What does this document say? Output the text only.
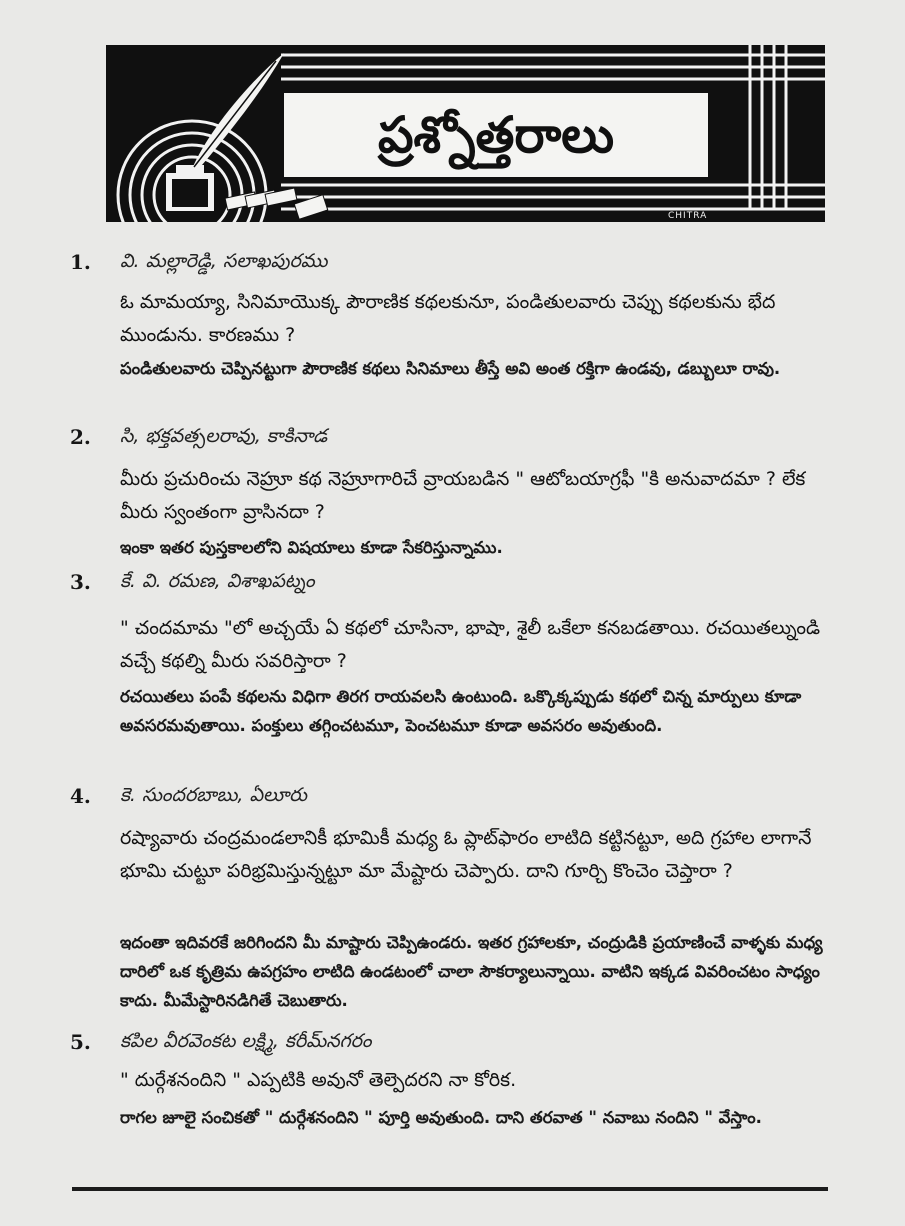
ప్రశ్నోత్తరాలు
CHITRA
1. వి. మల్లారెడ్డి, సలాఖపురము
ఓ మామయ్యా, సినిమాయొక్క పౌరాణిక కథలకునూ, పండితులవారు చెప్పు కథలకును భేద ముండును. కారణము ?
పండితులవారు చెప్పినట్టుగా పౌరాణిక కథలు సినిమాలు తీస్తే అవి అంత రక్తిగా ఉండవు, డబ్బులూ రావు.
2. సి, భక్తవత్సలరావు, కాకినాడ
మీరు ప్రచురించు నెహ్రూ కథ నెహ్రూగారిచే వ్రాయబడిన " ఆటోబయాగ్రఫీ "కి అనువాదమా ? లేక మీరు స్వంతంగా వ్రాసినదా ?
ఇంకా ఇతర పుస్తకాలలోని విషయాలు కూడా సేకరిస్తున్నాము.
3. కే. వి. రమణ, విశాఖపట్నం
" చందమామ "లో అచ్చయే ఏ కథలో చూసినా, భాషా, శైలీ ఒకేలా కనబడతాయి. రచయితల్నుండి వచ్చే కథల్ని మీరు సవరిస్తారా ?
రచయితలు పంపే కథలను విధిగా తిరగ రాయవలసి ఉంటుంది. ఒక్కొక్కప్పుడు కథలో చిన్న మార్పులు కూడా అవసరమవుతాయి. పంక్తులు తగ్గించటమూ, పెంచటమూ కూడా అవసరం అవుతుంది.
4. కె. సుందరబాబు, ఏలూరు
రష్యావారు చంద్రమండలానికీ భూమికీ మధ్య ఓ ప్లాట్‌ఫారం లాటిది కట్టినట్టూ, అది గ్రహాల లాగానే భూమి చుట్టూ పరిభ్రమిస్తున్నట్టూ మా మేష్టారు చెప్పారు. దాని గూర్చి కొంచెం చెప్తారా ?
ఇదంతా ఇదివరకే జరిగిందని మీ మాష్టారు చెప్పిఉండరు. ఇతర గ్రహాలకూ, చంద్రుడికి ప్రయాణించే వాళ్ళకు మధ్య దారిలో ఒక కృత్రిమ ఉపగ్రహం లాటిది ఉండటంలో చాలా సౌకర్యాలున్నాయి. వాటిని ఇక్కడ వివరించటం సాధ్యం కాదు. మీమేస్టారినడిగితే చెబుతారు.
5. కపిల వీరవెంకట లక్ష్మి, కరీమ్‌నగరం
" దుర్గేశనందిని " ఎప్పటికి అవునో తెల్పెదరని నా కోరిక.
రాగల జూలై సంచికతో " దుర్గేశనందిని " పూర్తి అవుతుంది. దాని తరవాత " నవాబు నందిని " వేస్తాం.
